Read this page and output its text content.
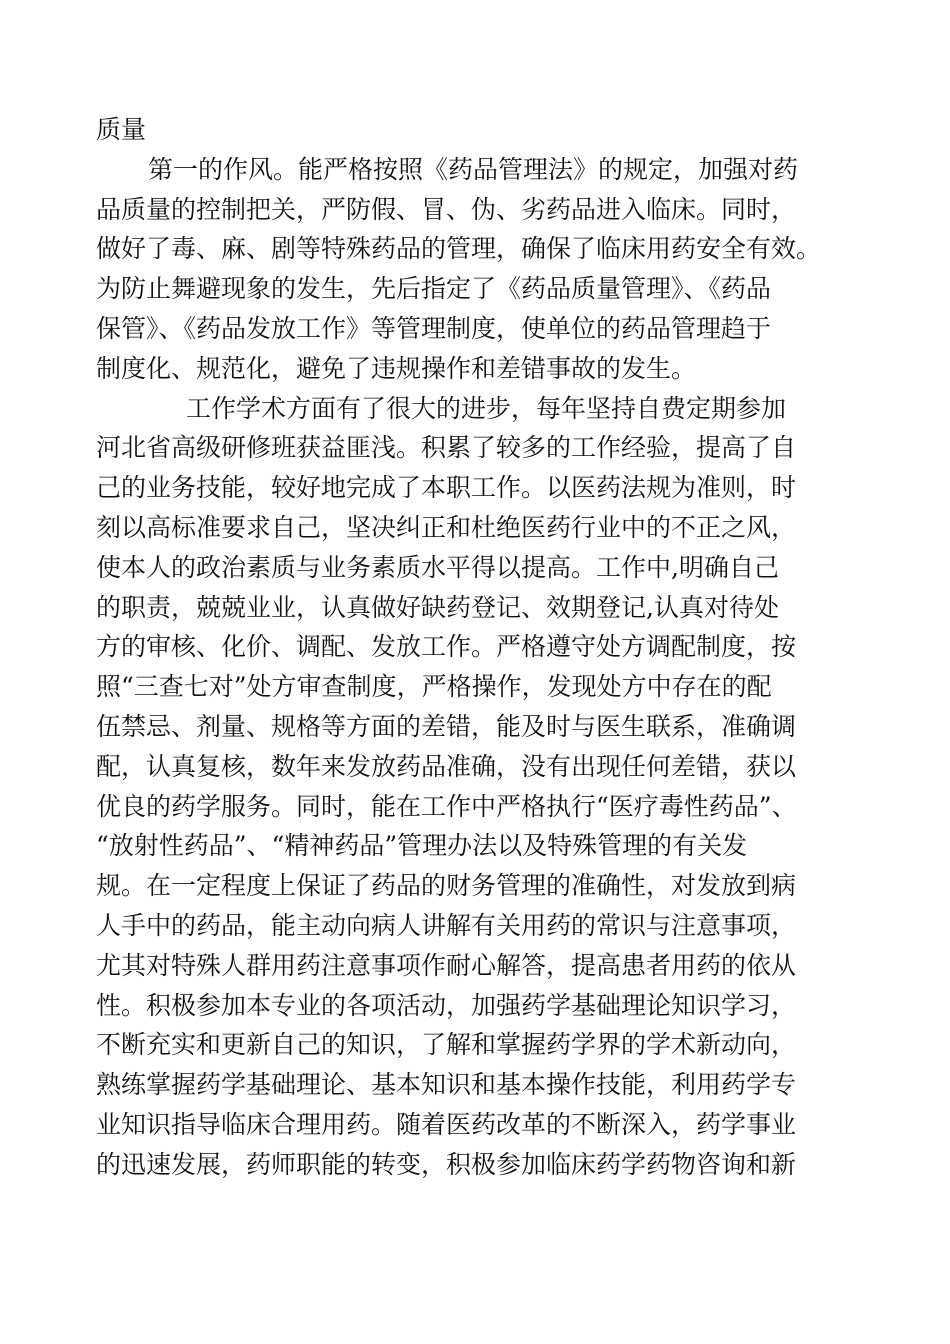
质量
第一的作风。能严格按照《药品管理法》的规定，加强对药
品质量的控制把关，严防假、冒、伪、劣药品进入临床。同时，
做好了毒、麻、剧等特殊药品的管理，确保了临床用药安全有效。
为防止舞避现象的发生，先后指定了《药品质量管理》、《药品
保管》、《药品发放工作》等管理制度，使单位的药品管理趋于
制度化、规范化，避免了违规操作和差错事故的发生。
工作学术方面有了很大的进步，每年坚持自费定期参加
河北省高级研修班获益匪浅。积累了较多的工作经验，提高了自
己的业务技能，较好地完成了本职工作。以医药法规为准则，时
刻以高标准要求自己，坚决纠正和杜绝医药行业中的不正之风，
使本人的政治素质与业务素质水平得以提高。工作中,明确自己
的职责，兢兢业业，认真做好缺药登记、效期登记,认真对待处
方的审核、化价、调配、发放工作。严格遵守处方调配制度，按
照“三查七对”处方审查制度，严格操作，发现处方中存在的配
伍禁忌、剂量、规格等方面的差错，能及时与医生联系，准确调
配，认真复核，数年来发放药品准确，没有出现任何差错，获以
优良的药学服务。同时，能在工作中严格执行“医疗毒性药品”、
“放射性药品”、“精神药品”管理办法以及特殊管理的有关发
规。在一定程度上保证了药品的财务管理的准确性，对发放到病
人手中的药品，能主动向病人讲解有关用药的常识与注意事项，
尤其对特殊人群用药注意事项作耐心解答，提高患者用药的依从
性。积极参加本专业的各项活动，加强药学基础理论知识学习，
不断充实和更新自己的知识，了解和掌握药学界的学术新动向，
熟练掌握药学基础理论、基本知识和基本操作技能，利用药学专
业知识指导临床合理用药。随着医药改革的不断深入，药学事业
的迅速发展，药师职能的转变，积极参加临床药学药物咨询和新
